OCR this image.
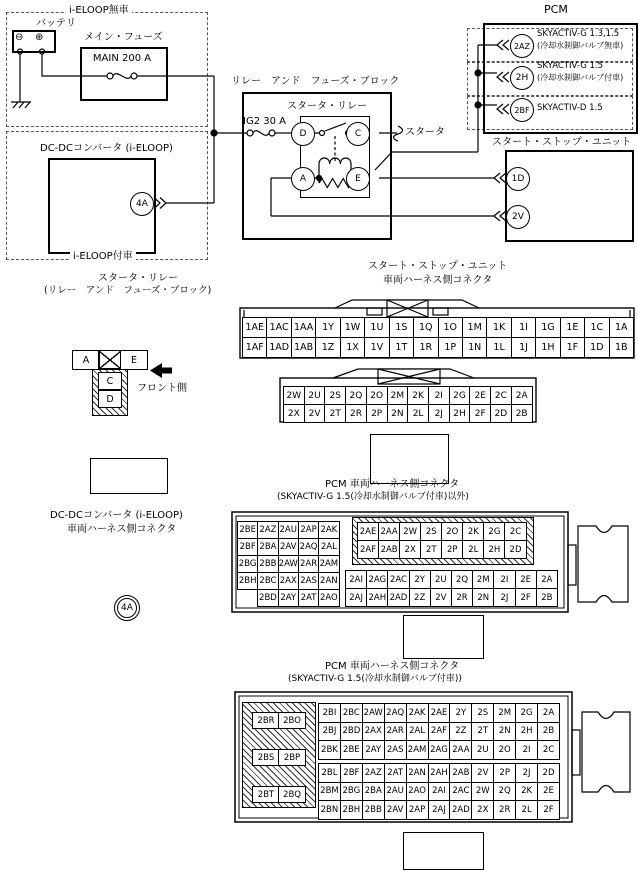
D	C
A	E
2AZ
2H
2BF
1D
2V
4A
i-ELOOP無車
バッテリ
⊖ ⊕	メイン・フューズ
MAIN 200 A
リレー　アンド　フューズ・ブロック
スタータ・リレー
IG2 30 A
スタータ
PCM
SKYACTIV-G 1.3,1.5
(冷却水制御バルブ無車)
SKYACTIV-G 1.5
(冷却水制御バルブ付車)
SKYACTIV-D 1.5
スタート・ストップ・ユニット
DC-DCコンバータ (i-ELOOP)
i-ELOOP付車
スタータ・リレー
(リレー　アンド　フューズ・ブロック)
A	E
C
D
フロント側
スタート・ストップ・ユニット
車両ハーネス側コネクタ
1AE	1AC	1AA	1Y	1W	1U	1S	1Q	1O	1M	1K	1I	1G	1E	1C	1A
1AF	1AD	1AB	1Z	1X	1V	1T	1R	1P	1N	1L	1J	1H	1F	1D	1B
2W	2U	2S	2Q	2O	2M	2K	2I	2G	2E	2C	2A
2X	2V	2T	2R	2P	2N	2L	2J	2H	2F	2D	2B
PCM 車両ハーネス側コネクタ
(SKYACTIV-G 1.5(冷却水制御バルブ付車)以外)
DC-DCコンバータ (i-ELOOP)
車両ハーネス側コネクタ	2BE	2AZ	2AU	2AP	2AK
2BF	2BA	2AV	2AQ	2AL
2BG	2BB	2AW	2AR	2AM
2BH	2BC	2AX	2AS	2AN
	2BD	2AY	2AT	2AO
2AE	2AA	2W	2S	2O	2K	2G	2C
2AF	2AB	2X	2T	2P	2L	2H	2D
2AI	2AG	2AC	2Y	2U	2Q	2M	2I	2E	2A
2AJ	2AH	2AD	2Z	2V	2R	2N	2J	2F	2B
4A
PCM 車両ハーネス側コネクタ
(SKYACTIV-G 1.5(冷却水制御バルブ付車))
2BR	2BO
2BS	2BP
2BT	2BQ
2BI	2BC	2AW	2AQ	2AK	2AE	2Y	2S	2M	2G	2A
2BJ	2BD	2AX	2AR	2AL	2AF	2Z	2T	2N	2H	2B
2BK	2BE	2AY	2AS	2AM	2AG	2AA	2U	2O	2I	2C
2BL	2BF	2AZ	2AT	2AN	2AH	2AB	2V	2P	2J	2D
2BM	2BG	2BA	2AU	2AO	2AI	2AC	2W	2Q	2K	2E
2BN	2BH	2BB	2AV	2AP	2AJ	2AD	2X	2R	2L	2F
